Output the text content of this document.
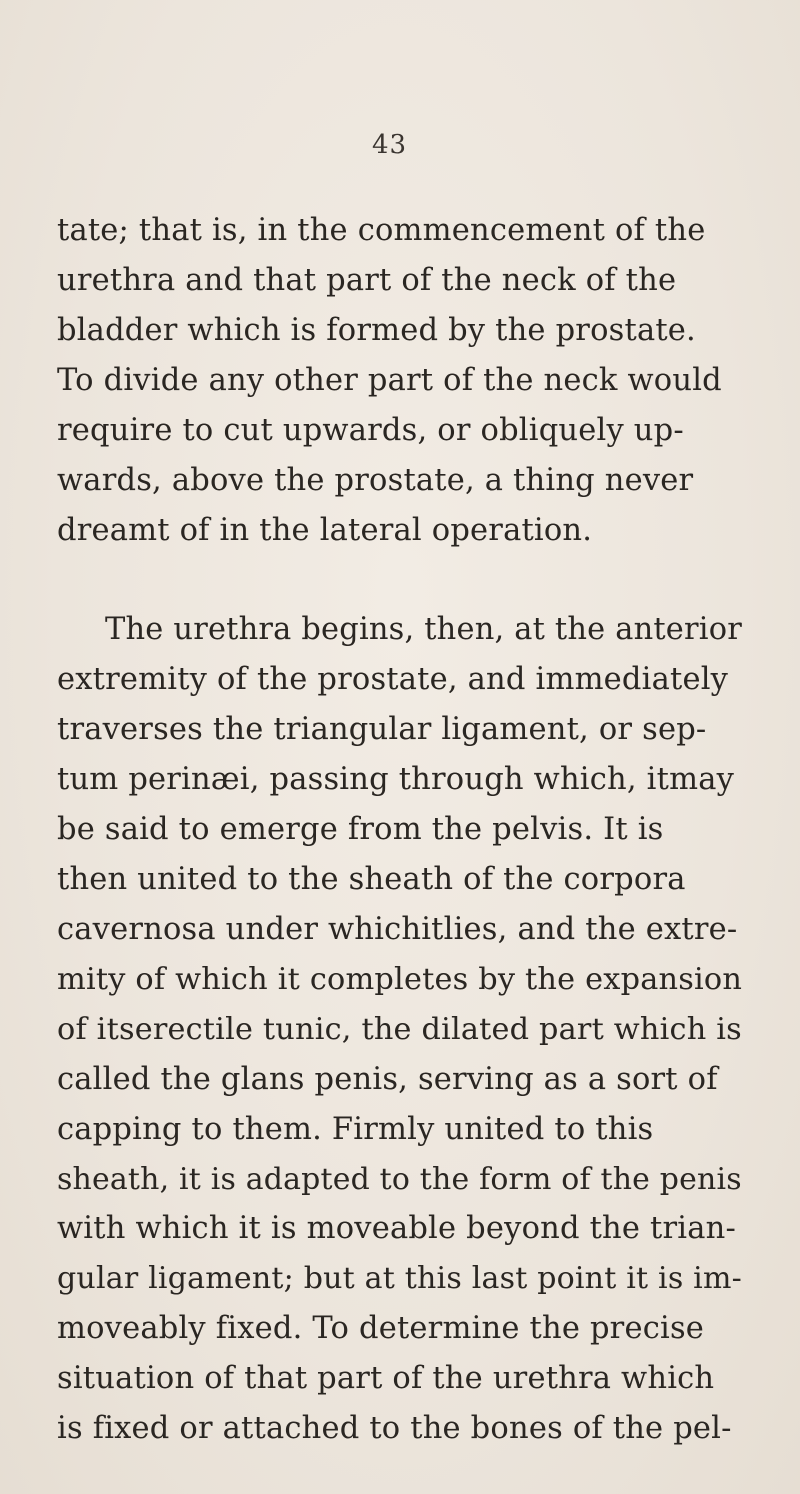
43
tate; that is, in the commencement of the
urethra and that part of the neck of the
bladder which is formed by the prostate.
To divide any other part of the neck would
require to cut upwards, or obliquely up-
wards, above the prostate, a thing never
dreamt of in the lateral operation.
The urethra begins, then, at the anterior
extremity of the prostate, and immediately
traverses the triangular ligament, or sep-
tum perinæi, passing through which, itmay
be said to emerge from the pelvis. It is
then united to the sheath of the corpora
cavernosa under whichitlies, and the extre-
mity of which it completes by the expansion
of itserectile tunic, the dilated part which is
called the glans penis, serving as a sort of
capping to them. Firmly united to this
sheath, it is adapted to the form of the penis
with which it is moveable beyond the trian-
gular ligament; but at this last point it is im-
moveably fixed. To determine the precise
situation of that part of the urethra which
is fixed or attached to the bones of the pel-
